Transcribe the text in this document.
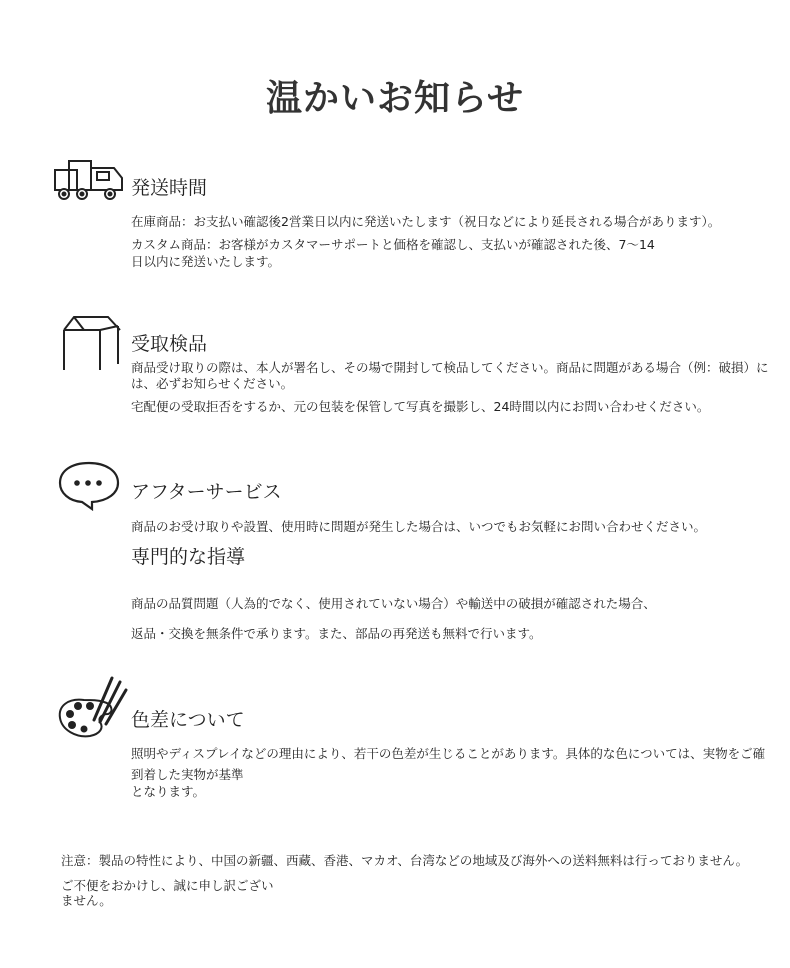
温かいお知らせ
発送時間
在庫商品：お支払い確認後2営業日以内に発送いたします（祝日などにより延長される場合があります）。
カスタム商品：お客様がカスタマーサポートと価格を確認し、支払いが確認された後、7〜14
日以内に発送いたします。
受取検品
商品受け取りの際は、本人が署名し、その場で開封して検品してください。商品に問題がある場合（例：破損）に
は、必ずお知らせください。
宅配便の受取拒否をするか、元の包装を保管して写真を撮影し、24時間以内にお問い合わせください。
アフターサービス
商品のお受け取りや設置、使用時に問題が発生した場合は、いつでもお気軽にお問い合わせください。
専門的な指導
商品の品質問題（人為的でなく、使用されていない場合）や輸送中の破損が確認された場合、
返品・交換を無条件で承ります。また、部品の再発送も無料で行います。
色差について
照明やディスプレイなどの理由により、若干の色差が生じることがあります。具体的な色については、実物をご確
到着した実物が基準
となります。
注意：製品の特性により、中国の新疆、西藏、香港、マカオ、台湾などの地域及び海外への送料無料は行っておりません。
ご不便をおかけし、誠に申し訳ござい
ません。
